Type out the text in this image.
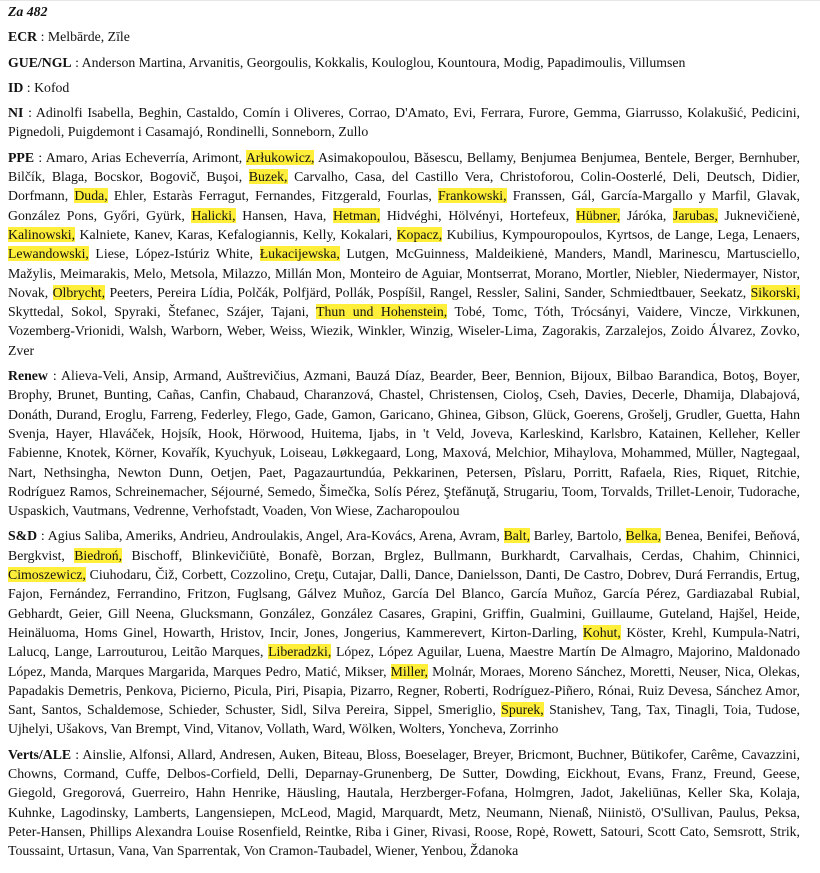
Za 482
ECR : Melbārde, Zīle
GUE/NGL : Anderson Martina, Arvanitis, Georgoulis, Kokkalis, Kouloglou, Kountoura, Modig, Papadimoulis, Villumsen
ID : Kofod
NI : Adinolfi Isabella, Beghin, Castaldo, Comín i Oliveres, Corrao, D'Amato, Evi, Ferrara, Furore, Gemma, Giarrusso, Kolakušić, Pedicini, Pignedoli, Puigdemont i Casamajó, Rondinelli, Sonneborn, Zullo
PPE : Amaro, Arias Echeverría, Arimont, Arłukowicz, Asimakopoulou, Băsescu, Bellamy, Benjumea Benjumea, Bentele, Berger, Bernhuber, Bilčík, Blaga, Bocskor, Bogovič, Buşoi, Buzek, Carvalho, Casa, del Castillo Vera, Christoforou, Colin-Oosterlé, Deli, Deutsch, Didier, Dorfmann, Duda, Ehler, Estaràs Ferragut, Fernandes, Fitzgerald, Fourlas, Frankowski, Franssen, Gál, García-Margallo y Marfil, Glavak, González Pons, Győri, Gyürk, Halicki, Hansen, Hava, Hetman, Hidvéghi, Hölvényi, Hortefeux, Hübner, Járóka, Jarubas, Juknevičienė, Kalinowski, Kalniete, Kanev, Karas, Kefalogiannis, Kelly, Kokalari, Kopacz, Kubilius, Kympouropoulos, Kyrtsos, de Lange, Lega, Lenaers, Lewandowski, Liese, López-Istúriz White, Łukacijewska, Lutgen, McGuinness, Maldeikienė, Manders, Mandl, Marinescu, Martusciello, Mažylis, Meimarakis, Melo, Metsola, Milazzo, Millán Mon, Monteiro de Aguiar, Montserrat, Morano, Mortler, Niebler, Niedermayer, Nistor, Novak, Olbrycht, Peeters, Pereira Lídia, Polčák, Polfjärd, Pollák, Pospíšil, Rangel, Ressler, Salini, Sander, Schmiedtbauer, Seekatz, Sikorski, Skyttedal, Sokol, Spyraki, Štefanec, Szájer, Tajani, Thun und Hohenstein, Tobé, Tomc, Tóth, Trócsányi, Vaidere, Vincze, Virkkunen, Vozemberg-Vrionidi, Walsh, Warborn, Weber, Weiss, Wiezik, Winkler, Winzig, Wiseler-Lima, Zagorakis, Zarzalejos, Zoido Álvarez, Zovko, Zver
Renew : Alieva-Veli, Ansip, Armand, Auštrevičius, Azmani, Bauzá Díaz, Bearder, Beer, Bennion, Bijoux, Bilbao Barandica, Botoş, Boyer, Brophy, Brunet, Bunting, Cañas, Canfin, Chabaud, Charanzová, Chastel, Christensen, Cioloş, Cseh, Davies, Decerle, Dhamija, Dlabajová, Donáth, Durand, Eroglu, Farreng, Federley, Flego, Gade, Gamon, Garicano, Ghinea, Gibson, Glück, Goerens, Grošelj, Grudler, Guetta, Hahn Svenja, Hayer, Hlaváček, Hojsík, Hook, Hörwood, Huitema, Ijabs, in 't Veld, Joveva, Karleskind, Karlsbro, Katainen, Kelleher, Keller Fabienne, Knotek, Körner, Kovařík, Kyuchyuk, Loiseau, Løkkegaard, Long, Maxová, Melchior, Mihaylova, Mohammed, Müller, Nagtegaal, Nart, Nethsingha, Newton Dunn, Oetjen, Paet, Pagazaurtundúa, Pekkarinen, Petersen, Pîslaru, Porritt, Rafaela, Ries, Riquet, Ritchie, Rodríguez Ramos, Schreinemacher, Séjourné, Semedo, Šimečka, Solís Pérez, Ştefănuţă, Strugariu, Toom, Torvalds, Trillet-Lenoir, Tudorache, Uspaskich, Vautmans, Vedrenne, Verhofstadt, Voaden, Von Wiese, Zacharopoulou
S&D : Agius Saliba, Ameriks, Andrieu, Androulakis, Angel, Ara-Kovács, Arena, Avram, Balt, Barley, Bartolo, Belka, Benea, Benifei, Beňová, Bergkvist, Biedroń, Bischoff, Blinkevičiūtė, Bonafè, Borzan, Brglez, Bullmann, Burkhardt, Carvalhais, Cerdas, Chahim, Chinnici, Cimoszewicz, Ciuhodaru, Čiž, Corbett, Cozzolino, Creţu, Cutajar, Dalli, Dance, Danielsson, Danti, De Castro, Dobrev, Durá Ferrandis, Ertug, Fajon, Fernández, Ferrandino, Fritzon, Fuglsang, Gálvez Muñoz, García Del Blanco, García Muñoz, García Pérez, Gardiazabal Rubial, Gebhardt, Geier, Gill Neena, Glucksmann, González, González Casares, Grapini, Griffin, Gualmini, Guillaume, Guteland, Hajšel, Heide, Heinäluoma, Homs Ginel, Howarth, Hristov, Incir, Jones, Jongerius, Kammerevert, Kirton-Darling, Kohut, Köster, Krehl, Kumpula-Natri, Lalucq, Lange, Larrouturou, Leitão Marques, Liberadzki, López, López Aguilar, Luena, Maestre Martín De Almagro, Majorino, Maldonado López, Manda, Marques Margarida, Marques Pedro, Matić, Mikser, Miller, Molnár, Moraes, Moreno Sánchez, Moretti, Neuser, Nica, Olekas, Papadakis Demetris, Penkova, Picierno, Picula, Piri, Pisapia, Pizarro, Regner, Roberti, Rodríguez-Piñero, Rónai, Ruiz Devesa, Sánchez Amor, Sant, Santos, Schaldemose, Schieder, Schuster, Sidl, Silva Pereira, Sippel, Smeriglio, Spurek, Stanishev, Tang, Tax, Tinagli, Toia, Tudose, Ujhelyi, Ušakovs, Van Brempt, Vind, Vitanov, Vollath, Ward, Wölken, Wolters, Yoncheva, Zorrinho
Verts/ALE : Ainslie, Alfonsi, Allard, Andresen, Auken, Biteau, Bloss, Boeselager, Breyer, Bricmont, Buchner, Bütikofer, Carême, Cavazzini, Chowns, Cormand, Cuffe, Delbos-Corfield, Delli, Deparnay-Grunenberg, De Sutter, Dowding, Eickhout, Evans, Franz, Freund, Geese, Giegold, Gregorová, Guerreiro, Hahn Henrike, Häusling, Hautala, Herzberger-Fofana, Holmgren, Jadot, Jakeliūnas, Keller Ska, Kolaja, Kuhnke, Lagodinsky, Lamberts, Langensiepen, McLeod, Magid, Marquardt, Metz, Neumann, Nienaß, Niinistö, O'Sullivan, Paulus, Peksa, Peter-Hansen, Phillips Alexandra Louise Rosenfield, Reintke, Riba i Giner, Rivasi, Roose, Ropė, Rowett, Satouri, Scott Cato, Semsrott, Strik, Toussaint, Urtasun, Vana, Van Sparrentak, Von Cramon-Taubadel, Wiener, Yenbou, Ždanoka
